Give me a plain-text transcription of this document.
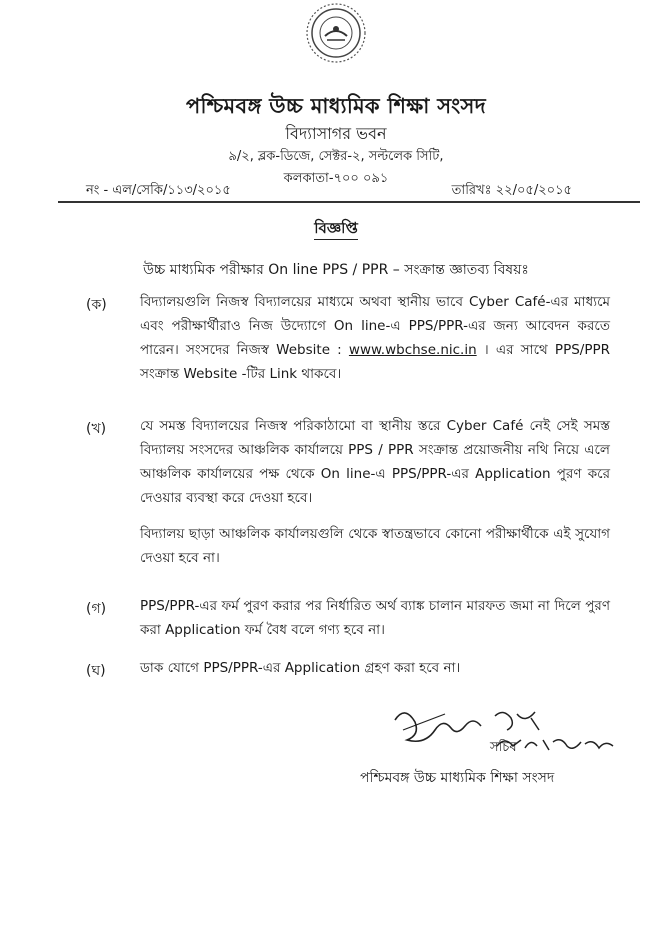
পশ্চিমবঙ্গ উচ্চ মাধ্যমিক শিক্ষা সংসদ
বিদ্যাসাগর ভবন
৯/২, ব্লক-ডিজে, সেক্টর-২, সল্টলেক সিটি,
কলকাতা-৭০০ ০৯১
নং - এল/সেকি/১১৩/২০১৫	তারিখঃ ২২/০৫/২০১৫
বিজ্ঞপ্তি
উচ্চ মাধ্যমিক পরীক্ষার On line PPS / PPR – সংক্রান্ত জ্ঞাতব্য বিষয়ঃ
(ক) বিদ্যালয়গুলি নিজস্ব বিদ্যালয়ের মাধ্যমে অথবা স্থানীয় ভাবে Cyber Café-এর মাধ্যমে এবং পরীক্ষার্থীরাও নিজ উদ্যোগে On line-এ PPS/PPR-এর জন্য আবেদন করতে পারেন। সংসদের নিজস্ব Website : www.wbchse.nic.in । এর সাথে PPS/PPR সংক্রান্ত Website -টির Link থাকবে।
(খ)	যে সমস্ত বিদ্যালয়ের নিজস্ব পরিকাঠামো বা স্থানীয় স্তরে Cyber Café নেই সেই সমস্ত বিদ্যালয় সংসদের আঞ্চলিক কার্যালয়ে PPS / PPR সংক্রান্ত প্রয়োজনীয় নথি নিয়ে এলে আঞ্চলিক কার্যালয়ের পক্ষ থেকে On line-এ PPS/PPR-এর Application পুরণ করে দেওয়ার ব্যবস্থা করে দেওয়া হবে।
বিদ্যালয় ছাড়া আঞ্চলিক কার্যালয়গুলি থেকে স্বাতন্ত্রভাবে কোনো পরীক্ষার্থীকে এই সুযোগ দেওয়া হবে না।
(গ)	PPS/PPR-এর ফর্ম পুরণ করার পর নির্ধারিত অর্থ ব্যাঙ্ক চালান মারফত জমা না দিলে পুরণ করা Application ফর্ম বৈধ বলে গণ্য হবে না।
(ঘ)	ডাক যোগে PPS/PPR-এর Application গ্রহণ করা হবে না।
সচিব
পশ্চিমবঙ্গ উচ্চ মাধ্যমিক শিক্ষা সংসদ
